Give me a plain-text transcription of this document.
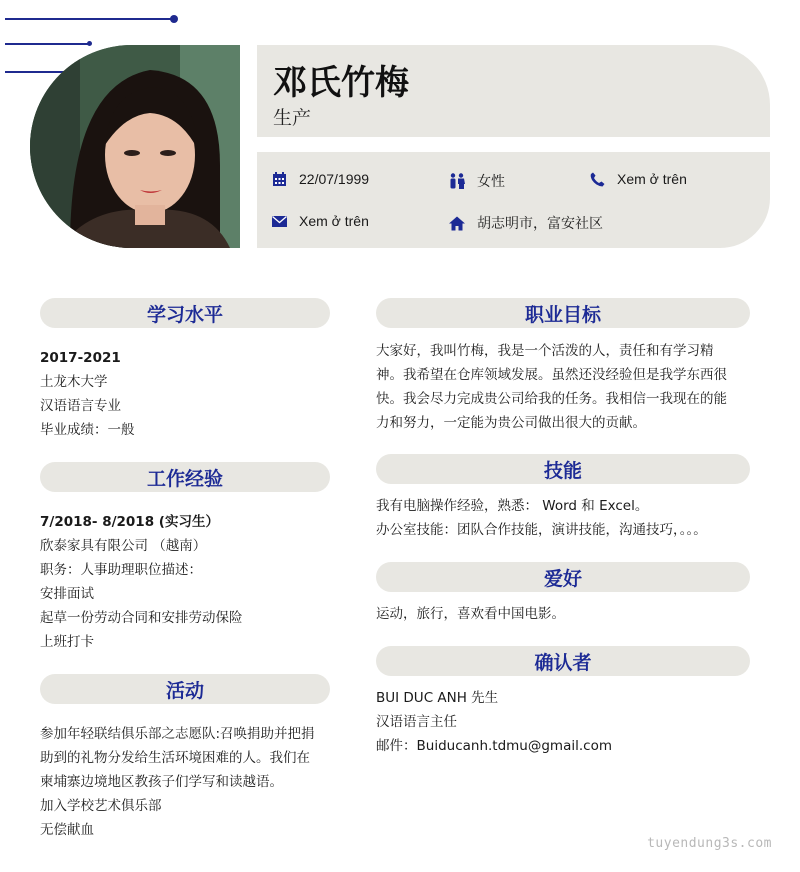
邓氏竹梅
生产
22/07/1999	女性	Xem ở trên
Xem ở trên	胡志明市，富安社区
学习水平

2017-2021

土龙木大学

汉语语言专业

毕业成绩：一般

工作经验

7/2018- 8/2018 (实习生）

欣泰家具有限公司 （越南）

职务：人事助理职位描述：

安排面试

起草一份劳动合同和安排劳动保险

上班打卡

活动

参加年轻联结俱乐部之志愿队:召唤捐助并把捐

助到的礼物分发给生活环境困难的人。我们在

柬埔寨边境地区教孩子们学写和读越语。

加入学校艺术俱乐部

无偿献血

职业目标

大家好，我叫竹梅，我是一个活泼的人，责任和有学习精

神。我希望在仓库领域发展。虽然还没经验但是我学东西很

快。我会尽力完成贵公司给我的任务。我相信一我现在的能

力和努力，一定能为贵公司做出很大的贡献。

技能

我有电脑操作经验，熟悉： Word 和 Excel。

办公室技能：团队合作技能，演讲技能，沟通技巧，。。。

爱好

运动，旅行，喜欢看中国电影。

确认者

BUI DUC ANH 先生

汉语语言主任

邮件：Buiducanh.tdmu@gmail.com

tuyendung3s.com
